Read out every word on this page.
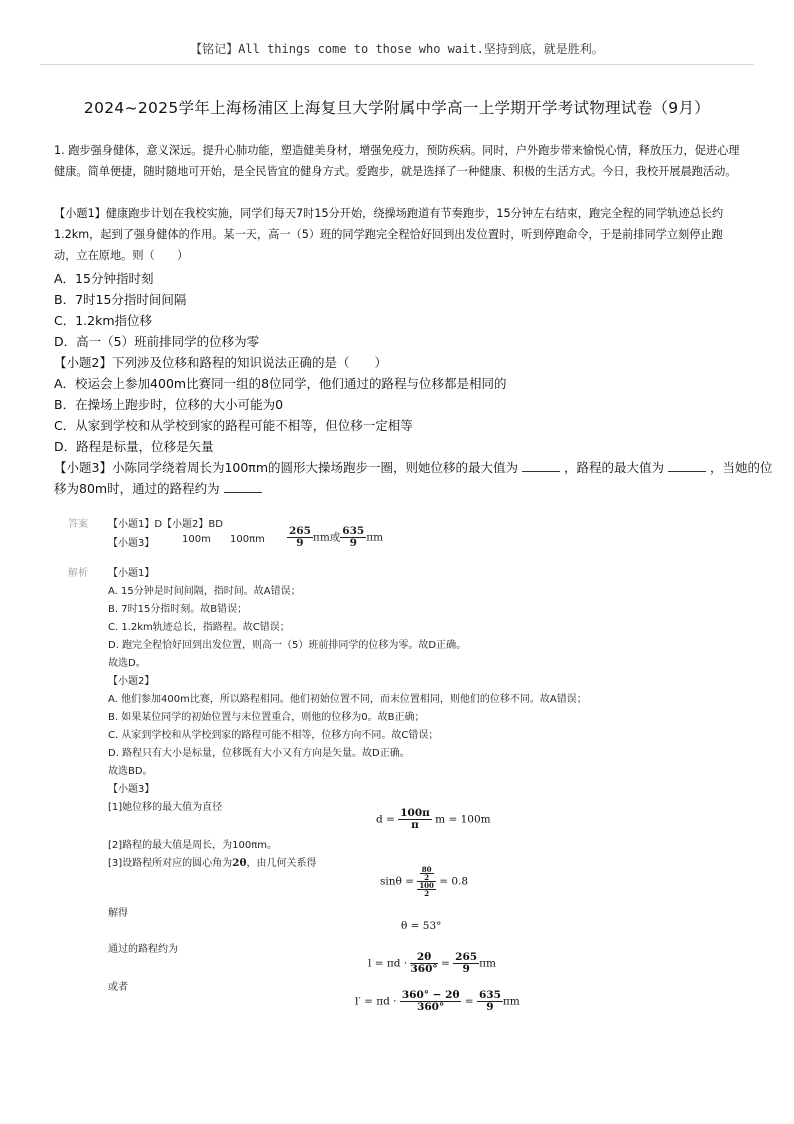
【铭记】All things come to those who wait.坚持到底，就是胜利。
2024~2025学年上海杨浦区上海复旦大学附属中学高一上学期开学考试物理试卷（9月）
1. 跑步强身健体，意义深远。提升心肺功能，塑造健美身材，增强免疫力，预防疾病。同时，户外跑步带来愉悦心情，释放压力，促进心理健康。简单便捷，随时随地可开始，是全民皆宜的健身方式。爱跑步，就是选择了一种健康、积极的生活方式。今日，我校开展晨跑活动。
【小题1】健康跑步计划在我校实施，同学们每天7时15分开始，绕操场跑道有节奏跑步，15分钟左右结束，跑完全程的同学轨迹总长约1.2km，起到了强身健体的作用。某一天，高一（5）班的同学跑完全程恰好回到出发位置时，听到停跑命令，于是前排同学立刻停止跑动，立在原地。则（　　）
A．15分钟指时刻
B．7时15分指时间间隔
C．1.2km指位移
D．高一（5）班前排同学的位移为零
【小题2】下列涉及位移和路程的知识说法正确的是（　　）
A．校运会上参加400m比赛同一组的8位同学，他们通过的路程与位移都是相同的
B．在操场上跑步时，位移的大小可能为0
C．从家到学校和从学校到家的路程可能不相等，但位移一定相等
D．路程是标量，位移是矢量
【小题3】小陈同学绕着周长为100πm的圆形大操场跑步一圈，则她位移的最大值为	，路程的最大值为	，当她的位
移为80m时，通过的路程约为
答案 【小题1】D【小题2】BD
【小题3】	100m $100\pi m \frac{265}{9}$ πm或 $\frac{635}{9}$ πm
解析 【小题1】
A. 15分钟是时间间隔，指时间。故A错误；
B. 7时15分指时刻。故B错误；
C. 1.2km轨迹总长，指路程。故C错误；
D. 跑完全程恰好回到出发位置，则高一（5）班前排同学的位移为零。故D正确。
故选D。
【小题2】
A. 他们参加400m比赛，所以路程相同。他们初始位置不同，而末位置相同，则他们的位移不同。故A错误；
B. 如果某位同学的初始位置与末位置重合，则他的位移为0。故B正确；
C. 从家到学校和从学校到家的路程可能不相等，位移方向不同。故C错误；
D. 路程只有大小是标量，位移既有大小又有方向是矢量。故D正确。
故选BD。
【小题3】
[1]她位移的最大值为直径
$d = \frac{100\pi}{\pi}$ m = 100m
[2]路程的最大值是周长，为100πm。
[3]设路程所对应的圆心角为2θ，由几何关系得
$\sin\theta = \frac{\frac{80}{2}}{\frac{100}{2}} = 0.8$
解得
θ = 53°
通过的路程约为
$l = \pi d \cdot \frac{2\theta}{360^\circ} = \frac{265}{9}$ πm
或者
$l' = \pi d \cdot \frac{360^\circ - 2\theta}{360^\circ} = \frac{635}{9}$ πm
